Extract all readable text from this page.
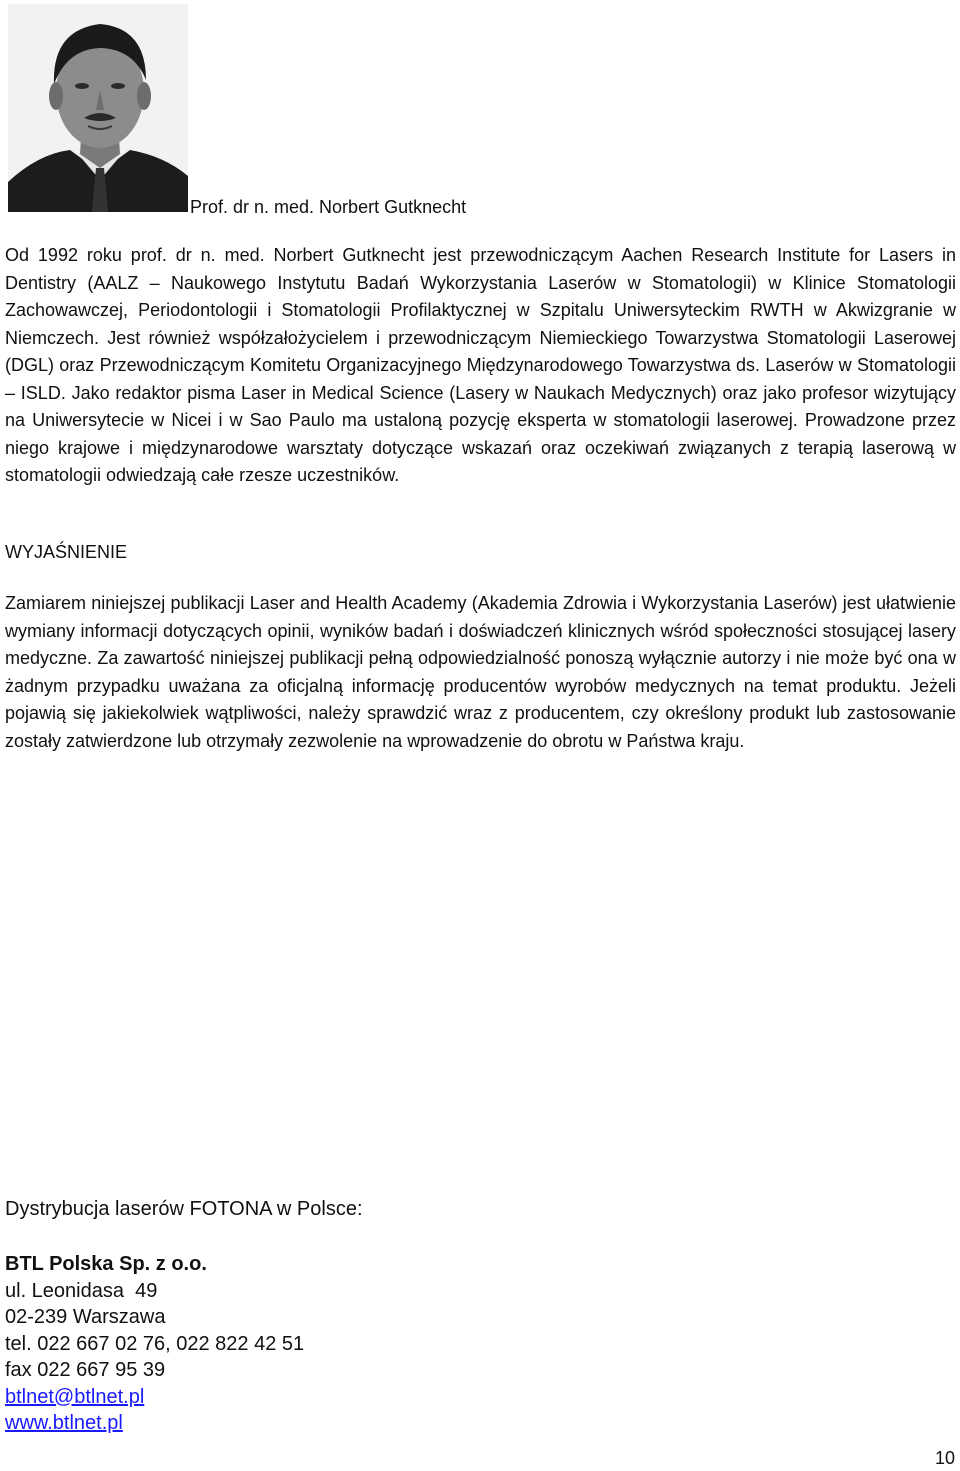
Prof. dr n. med. Norbert Gutknecht

Od 1992 roku prof. dr n. med. Norbert Gutknecht jest przewodniczącym Aachen Research Institute for Lasers in Dentistry (AALZ – Naukowego Instytutu Badań Wykorzystania Laserów w Stomatologii) w Klinice Stomatologii Zachowawczej, Periodontologii i Stomatologii Profilaktycznej w Szpitalu Uniwersyteckim RWTH w Akwizgranie w Niemczech. Jest również współzałożycielem i przewodniczącym Niemieckiego Towarzystwa Stomatologii Laserowej (DGL) oraz Przewodniczącym Komitetu Organizacyjnego Międzynarodowego Towarzystwa ds. Laserów w Stomatologii – ISLD. Jako redaktor pisma Laser in Medical Science (Lasery w Naukach Medycznych) oraz jako profesor wizytujący na Uniwersytecie w Nicei i w Sao Paulo ma ustaloną pozycję eksperta w stomatologii laserowej. Prowadzone przez niego krajowe i międzynarodowe warsztaty dotyczące wskazań oraz oczekiwań związanych z terapią laserową w stomatologii odwiedzają całe rzesze uczestników.

WYJAŚNIENIE

Zamiarem niniejszej publikacji Laser and Health Academy (Akademia Zdrowia i Wykorzystania Laserów) jest ułatwienie wymiany informacji dotyczących opinii, wyników badań i doświadczeń klinicznych wśród społeczności stosującej lasery medyczne. Za zawartość niniejszej publikacji pełną odpowiedzialność ponoszą wyłącznie autorzy i nie może być ona w żadnym przypadku uważana za oficjalną informację producentów wyrobów medycznych na temat produktu. Jeżeli pojawią się jakiekolwiek wątpliwości, należy sprawdzić wraz z producentem, czy określony produkt lub zastosowanie zostały zatwierdzone lub otrzymały zezwolenie na wprowadzenie do obrotu w Państwa kraju.

Dystrybucja laserów FOTONA w Polsce:
BTL Polska Sp. z o.o.
ul. Leonidasa  49
02-239 Warszawa
tel. 022 667 02 76, 022 822 42 51
fax 022 667 95 39
btlnet@btlnet.pl
www.btlnet.pl
10
